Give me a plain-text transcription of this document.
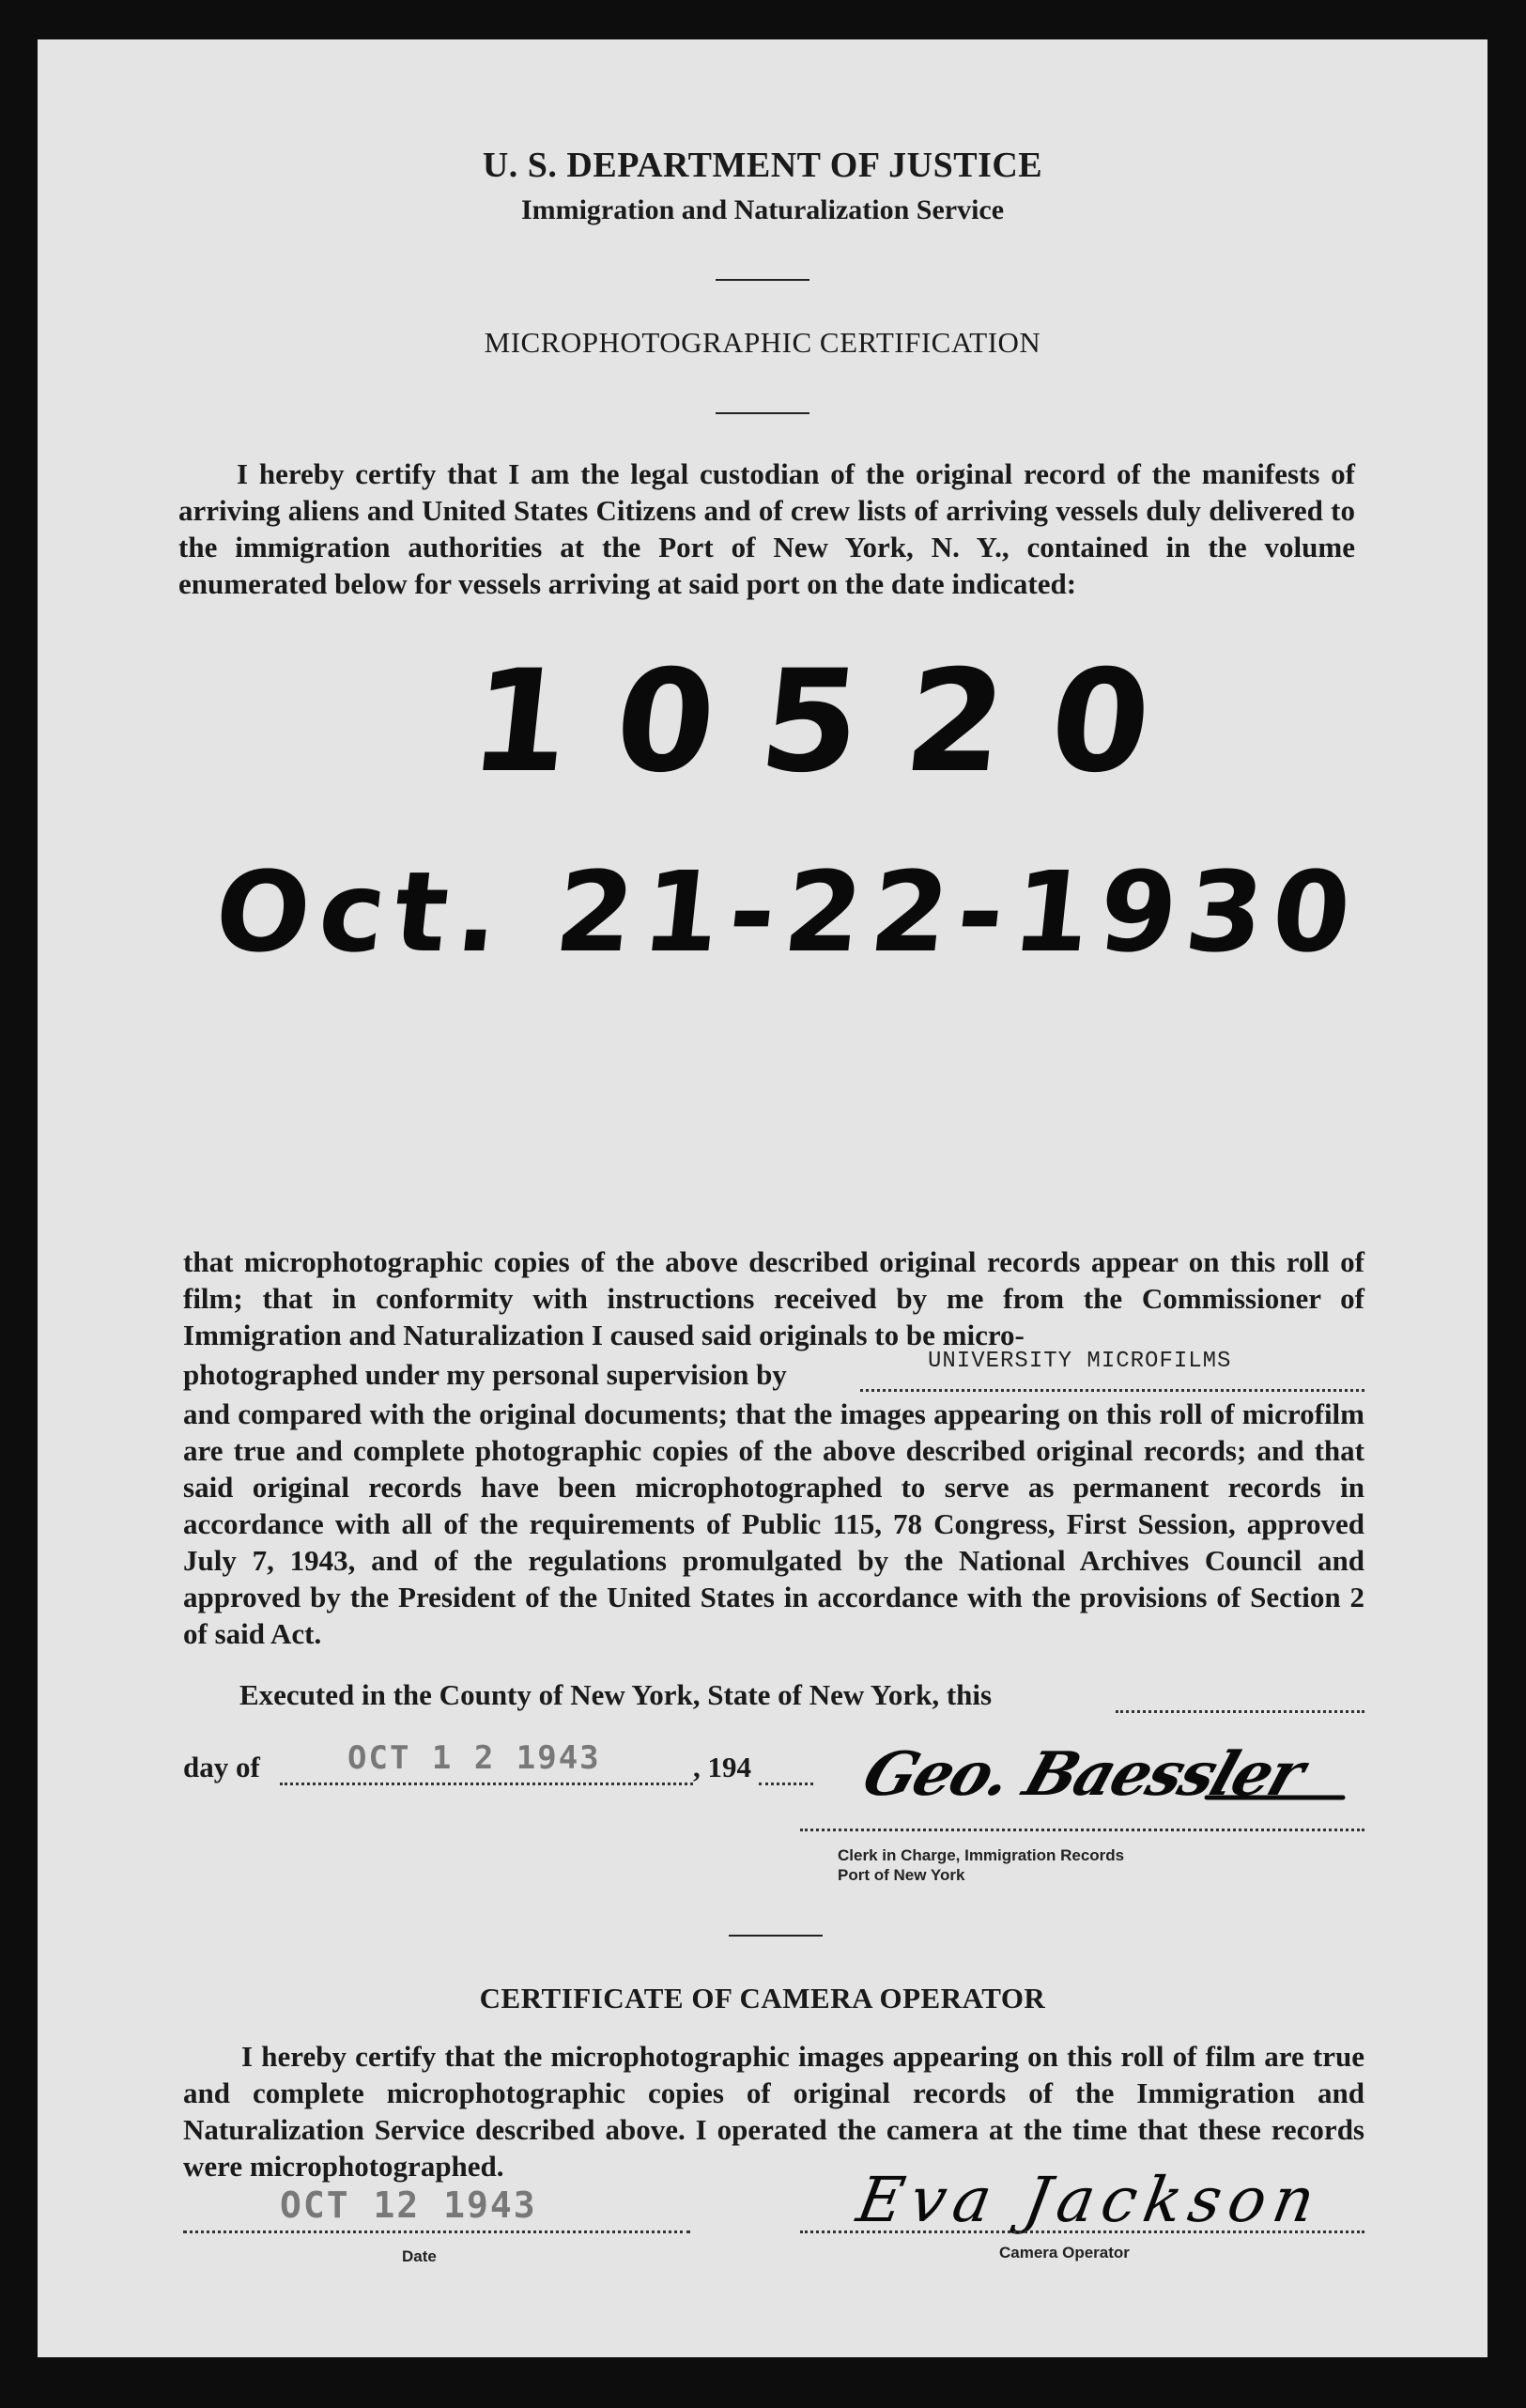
U. S. DEPARTMENT OF JUSTICE
Immigration and Naturalization Service
MICROPHOTOGRAPHIC CERTIFICATION
I hereby certify that I am the legal custodian of the original record of the manifests of arriving aliens and United States Citizens and of crew lists of arriving vessels duly delivered to the immigration authorities at the Port of New York, N. Y., contained in the volume enumerated below for vessels arriving at said port on the date indicated:
10520
Oct. 21-22-1930
that microphotographic copies of the above described original records appear on this roll of film; that in conformity with instructions received by me from the Commissioner of Immigration and Naturalization I caused said originals to be micro-
photographed under my personal supervision by	UNIVERSITY MICROFILMS
and compared with the original documents; that the images appearing on this roll of microfilm are true and complete photographic copies of the above described original records; and that said original records have been microphotographed to serve as permanent records in accordance with all of the requirements of Public 115, 78 Congress, First Session, approved July 7, 1943, and of the regulations promulgated by the National Archives Council and approved by the President of the United States in accordance with the provisions of Section 2 of said Act.
Executed in the County of New York, State of New York, this
day of	OCT 1 2 1943	, 194 Geo. Baessler
Clerk in Charge, Immigration Records
Port of New York
CERTIFICATE OF CAMERA OPERATOR
I hereby certify that the microphotographic images appearing on this roll of film are true and complete microphotographic copies of original records of the Immigration and Naturalization Service described above. I operated the camera at the time that these records were microphotographed.
OCT 12 1943
Date
Eva Jackson
Camera Operator
